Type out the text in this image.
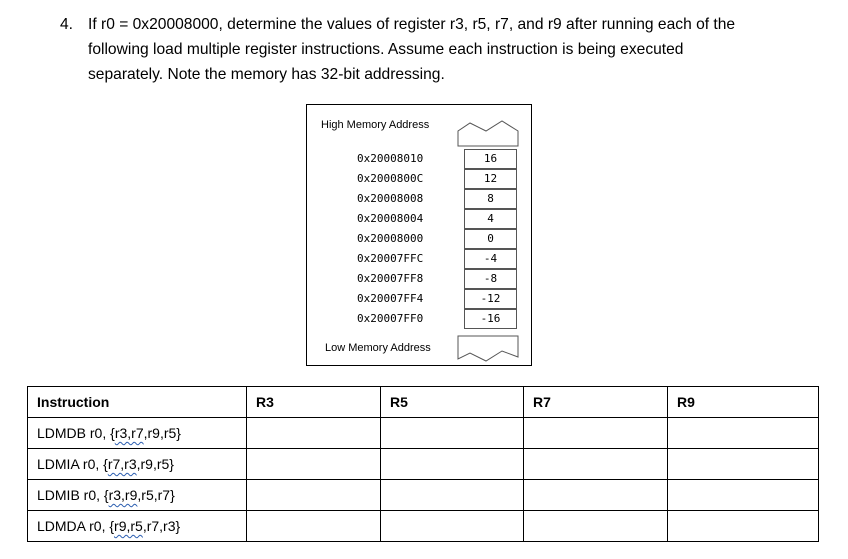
4. If r0 = 0x20008000, determine the values of register r3, r5, r7, and r9 after running each of the
following load multiple register instructions. Assume each instruction is being executed
separately. Note the memory has 32-bit addressing.
High Memory Address
0x20008010	16
0x2000800C	12
0x20008008	8
0x20008004	4
0x20008000	0
0x20007FFC	-4
0x20007FF8	-8
0x20007FF4	-12
0x20007FF0	-16
Low Memory Address
Instruction	R3	R5	R7	R9
LDMDB r0, {r3,r7,r9,r5}				
LDMIA r0, {r7,r3,r9,r5}				
LDMIB r0, {r3,r9,r5,r7}				
LDMDA r0, {r9,r5,r7,r3}				
